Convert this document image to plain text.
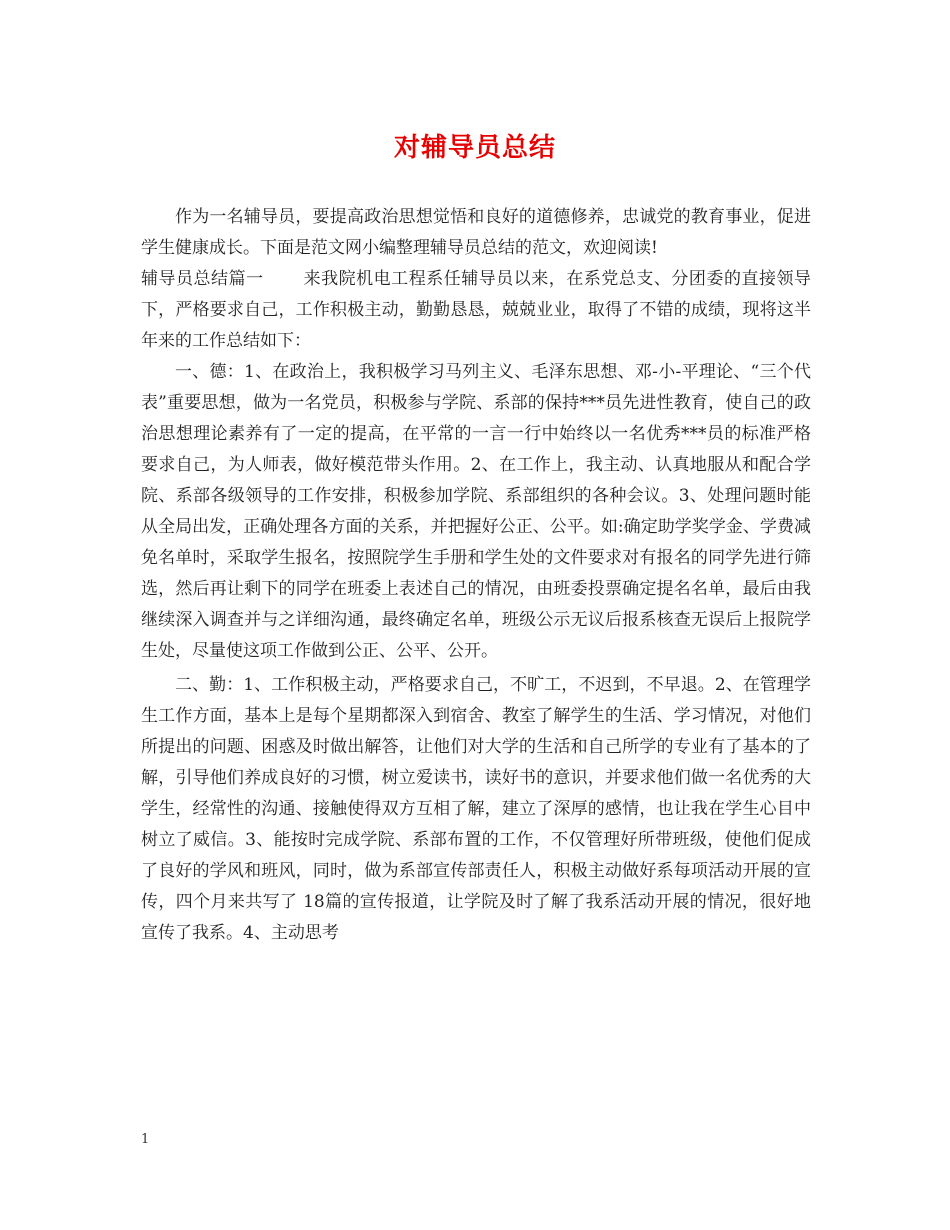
对辅导员总结

作为一名辅导员，要提高政治思想觉悟和良好的道德修养，忠诚党的教育事业，促进学生健康成长。下面是范文网小编整理辅导员总结的范文，欢迎阅读!

辅导员总结篇一 来我院机电工程系任辅导员以来，在系党总支、分团委的直接领导下，严格要求自己，工作积极主动，勤勤恳恳，兢兢业业，取得了不错的成绩，现将这半年来的工作总结如下：

一、德：1、在政治上，我积极学习马列主义、毛泽东思想、邓-小-平理论、“三个代表”重要思想，做为一名党员，积极参与学院、系部的保持***员先进性教育，使自己的政治思想理论素养有了一定的提高，在平常的一言一行中始终以一名优秀***员的标准严格要求自己，为人师表，做好模范带头作用。2、在工作上，我主动、认真地服从和配合学院、系部各级领导的工作安排，积极参加学院、系部组织的各种会议。3、处理问题时能从全局出发，正确处理各方面的关系，并把握好公正、公平。如:确定助学奖学金、学费减免名单时，采取学生报名，按照院学生手册和学生处的文件要求对有报名的同学先进行筛选，然后再让剩下的同学在班委上表述自己的情况，由班委投票确定提名名单，最后由我继续深入调查并与之详细沟通，最终确定名单，班级公示无议后报系核查无误后上报院学生处，尽量使这项工作做到公正、公平、公开。

二、勤：1、工作积极主动，严格要求自己，不旷工，不迟到，不早退。2、在管理学生工作方面，基本上是每个星期都深入到宿舍、教室了解学生的生活、学习情况，对他们所提出的问题、困惑及时做出解答，让他们对大学的生活和自己所学的专业有了基本的了解，引导他们养成良好的习惯，树立爱读书，读好书的意识，并要求他们做一名优秀的大学生，经常性的沟通、接触使得双方互相了解，建立了深厚的感情，也让我在学生心目中树立了威信。3、能按时完成学院、系部布置的工作，不仅管理好所带班级，使他们促成了良好的学风和班风，同时，做为系部宣传部责任人，积极主动做好系每项活动开展的宣传，四个月来共写了 18篇的宣传报道，让学院及时了解了我系活动开展的情况，很好地宣传了我系。4、主动思考

1
